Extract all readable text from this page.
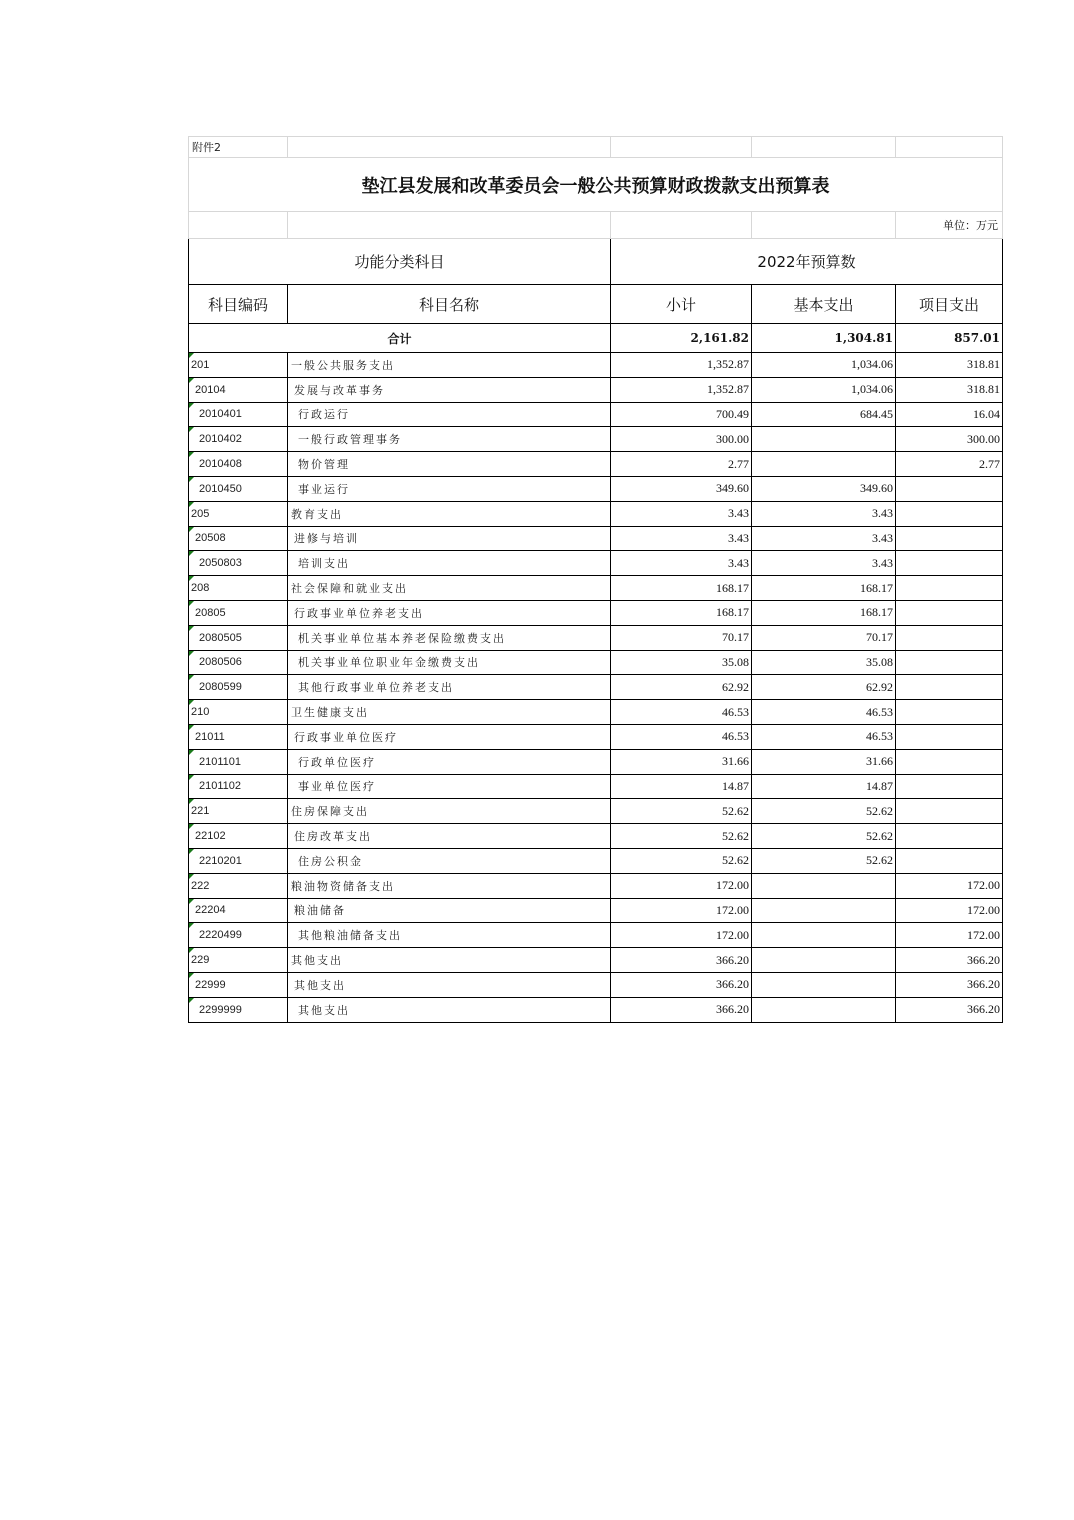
附件2				
垫江县发展和改革委员会一般公共预算财政拨款支出预算表				
				单位：万元
功能分类科目		2022年预算数		
科目编码	科目名称	小计	基本支出	项目支出
合计		2,161.82	1,304.81	857.01
201	一般公共服务支出	1,352.87	1,034.06	318.81
20104	发展与改革事务	1,352.87	1,034.06	318.81
2010401	行政运行	700.49	684.45	16.04
2010402	一般行政管理事务	300.00		300.00
2010408	物价管理	2.77		2.77
2010450	事业运行	349.60	349.60	
205	教育支出	3.43	3.43	
20508	进修与培训	3.43	3.43	
2050803	培训支出	3.43	3.43	
208	社会保障和就业支出	168.17	168.17	
20805	行政事业单位养老支出	168.17	168.17	
2080505	机关事业单位基本养老保险缴费支出	70.17	70.17	
2080506	机关事业单位职业年金缴费支出	35.08	35.08	
2080599	其他行政事业单位养老支出	62.92	62.92	
210	卫生健康支出	46.53	46.53	
21011	行政事业单位医疗	46.53	46.53	
2101101	行政单位医疗	31.66	31.66	
2101102	事业单位医疗	14.87	14.87	
221	住房保障支出	52.62	52.62	
22102	住房改革支出	52.62	52.62	
2210201	住房公积金	52.62	52.62	
222	粮油物资储备支出	172.00		172.00
22204	粮油储备	172.00		172.00
2220499	其他粮油储备支出	172.00		172.00
229	其他支出	366.20		366.20
22999	其他支出	366.20		366.20
2299999	其他支出	366.20		366.20
